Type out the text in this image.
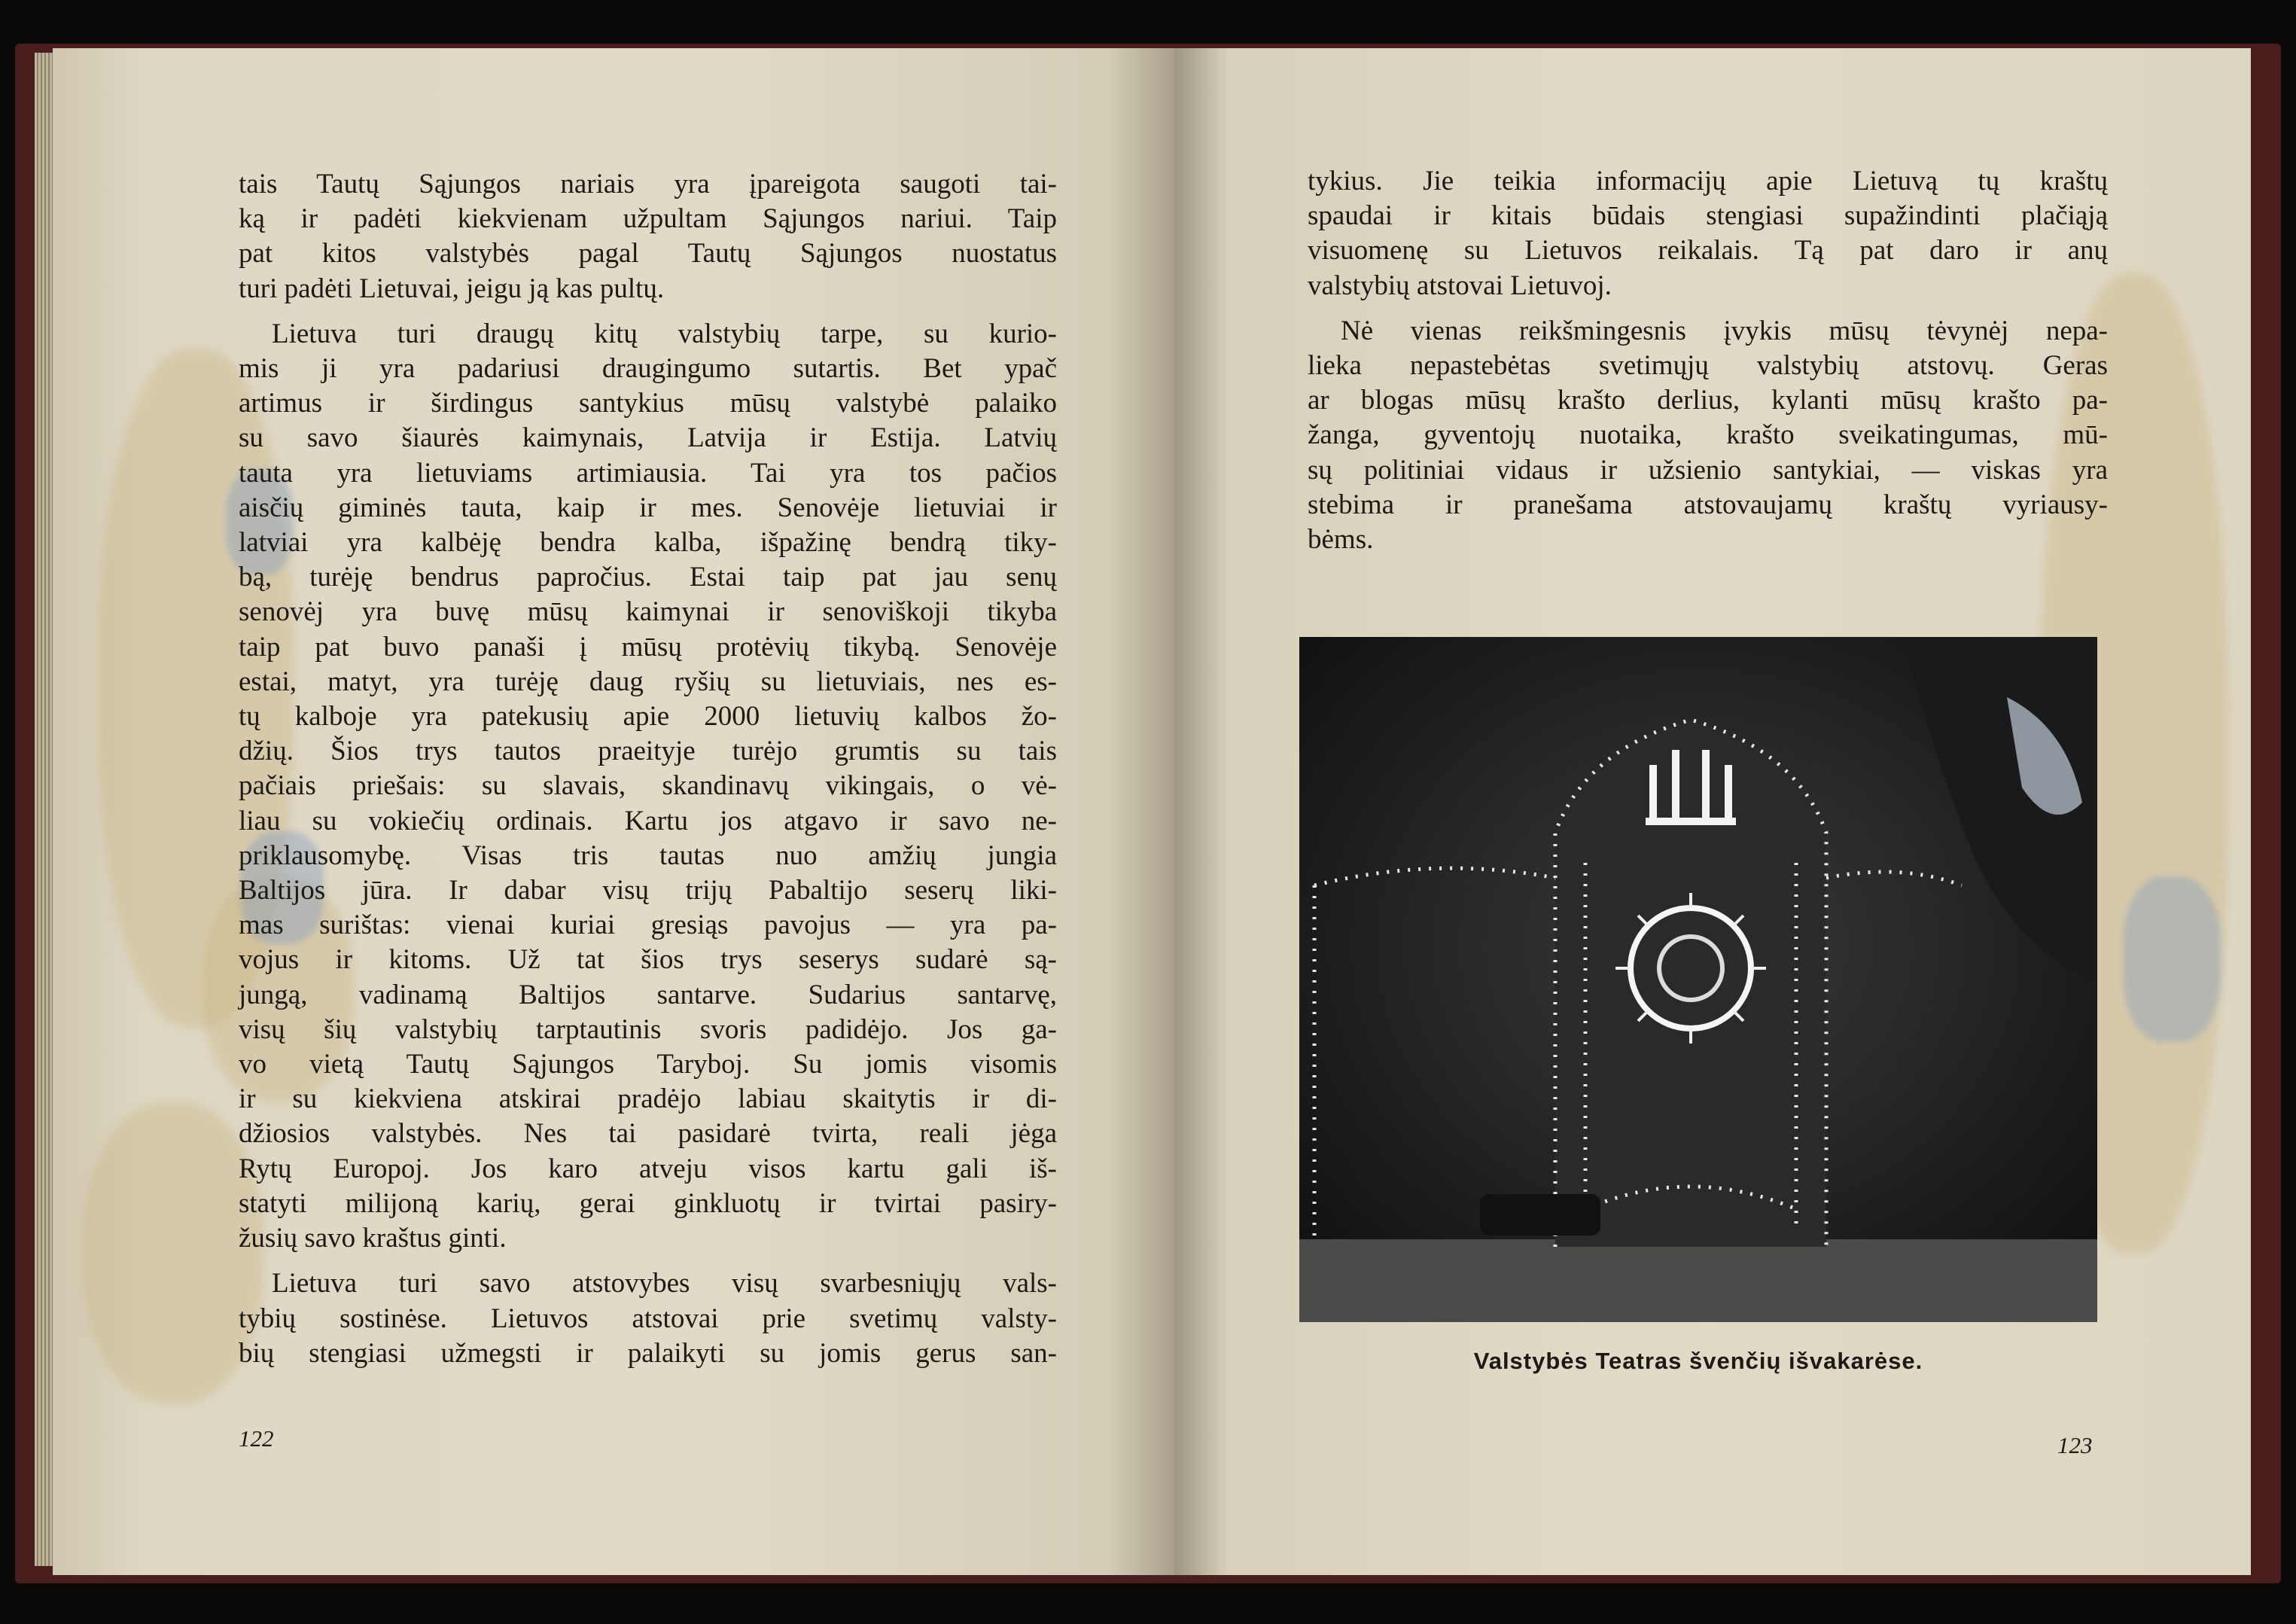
tais Tautų Sąjungos nariais yra įpareigota saugoti tai-
ką ir padėti kiekvienam užpultam Sąjungos nariui. Taip
pat kitos valstybės pagal Tautų Sąjungos nuostatus
turi padėti Lietuvai, jeigu ją kas pultų.
Lietuva turi draugų kitų valstybių tarpe, su kurio-
mis ji yra padariusi draugingumo sutartis. Bet ypač
artimus ir širdingus santykius mūsų valstybė palaiko
su savo šiaurės kaimynais, Latvija ir Estija. Latvių
tauta yra lietuviams artimiausia. Tai yra tos pačios
aisčių giminės tauta, kaip ir mes. Senovėje lietuviai ir
latviai yra kalbėję bendra kalba, išpažinę bendrą tiky-
bą, turėję bendrus papročius. Estai taip pat jau senų
senovėj yra buvę mūsų kaimynai ir senoviškoji tikyba
taip pat buvo panaši į mūsų protėvių tikybą. Senovėje
estai, matyt, yra turėję daug ryšių su lietuviais, nes es-
tų kalboje yra patekusių apie 2000 lietuvių kalbos žo-
džių. Šios trys tautos praeityje turėjo grumtis su tais
pačiais priešais: su slavais, skandinavų vikingais, o vė-
liau su vokiečių ordinais. Kartu jos atgavo ir savo ne-
priklausomybę. Visas tris tautas nuo amžių jungia
Baltijos jūra. Ir dabar visų trijų Pabaltijo seserų liki-
mas surištas: vienai kuriai gresiąs pavojus — yra pa-
vojus ir kitoms. Už tat šios trys seserys sudarė są-
jungą, vadinamą Baltijos santarve. Sudarius santarvę,
visų šių valstybių tarptautinis svoris padidėjo. Jos ga-
vo vietą Tautų Sąjungos Taryboj. Su jomis visomis
ir su kiekviena atskirai pradėjo labiau skaitytis ir di-
džiosios valstybės. Nes tai pasidarė tvirta, reali jėga
Rytų Europoj. Jos karo atveju visos kartu gali iš-
statyti milijoną karių, gerai ginkluotų ir tvirtai pasiry-
žusių savo kraštus ginti.
Lietuva turi savo atstovybes visų svarbesniųjų vals-
tybių sostinėse. Lietuvos atstovai prie svetimų valsty-
bių stengiasi užmegsti ir palaikyti su jomis gerus san-
122
tykius. Jie teikia informacijų apie Lietuvą tų kraštų
spaudai ir kitais būdais stengiasi supažindinti plačiąją
visuomenę su Lietuvos reikalais. Tą pat daro ir anų
valstybių atstovai Lietuvoj.
Nė vienas reikšmingesnis įvykis mūsų tėvynėj nepa-
lieka nepastebėtas svetimųjų valstybių atstovų. Geras
ar blogas mūsų krašto derlius, kylanti mūsų krašto pa-
žanga, gyventojų nuotaika, krašto sveikatingumas, mū-
sų politiniai vidaus ir užsienio santykiai, — viskas yra
stebima ir pranešama atstovaujamų kraštų vyriausy-
bėms.
Valstybės Teatras švenčių išvakarėse.
123
